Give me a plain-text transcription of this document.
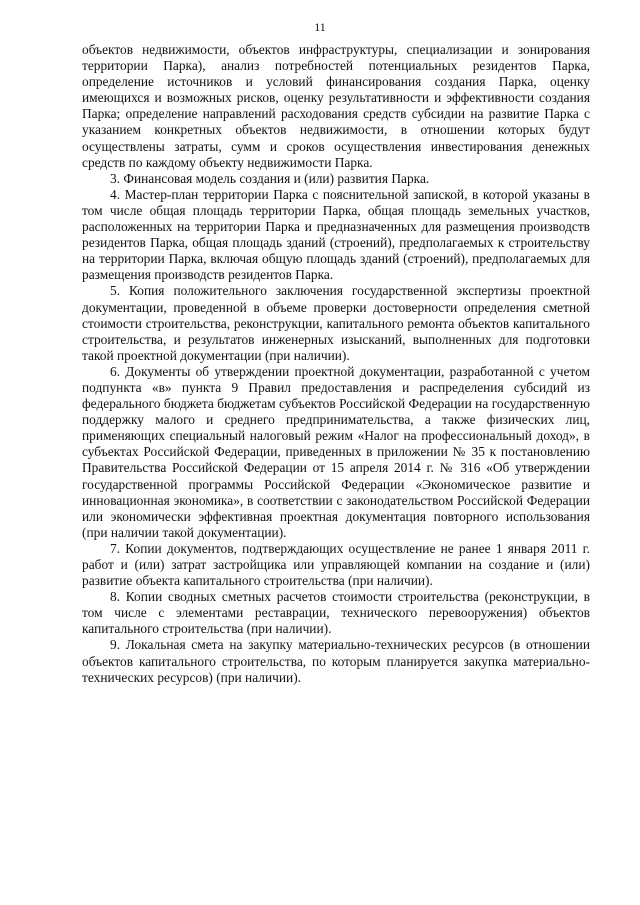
11

объектов недвижимости, объектов инфраструктуры, специализации и зонирования территории Парка), анализ потребностей потенциальных резидентов Парка, определение источников и условий финансирования создания Парка, оценку имеющихся и возможных рисков, оценку результативности и эффективности создания Парка; определение направлений расходования средств субсидии на развитие Парка с указанием конкретных объектов недвижимости, в отношении которых будут осуществлены затраты, сумм и сроков осуществления инвестирования денежных средств по каждому объекту недвижимости Парка.

3. Финансовая модель создания и (или) развития Парка.

4. Мастер-план территории Парка с пояснительной запиской, в которой указаны в том числе общая площадь территории Парка, общая площадь земельных участков, расположенных на территории Парка и предназначенных для размещения производств резидентов Парка, общая площадь зданий (строений), предполагаемых к строительству на территории Парка, включая общую площадь зданий (строений), предполагаемых для размещения производств резидентов Парка.

5. Копия положительного заключения государственной экспертизы проектной документации, проведенной в объеме проверки достоверности определения сметной стоимости строительства, реконструкции, капитального ремонта объектов капитального строительства, и результатов инженерных изысканий, выполненных для подготовки такой проектной документации (при наличии).

6. Документы об утверждении проектной документации, разработанной с учетом подпункта «в» пункта 9 Правил предоставления и распределения субсидий из федерального бюджета бюджетам субъектов Российской Федерации на государственную поддержку малого и среднего предпринимательства, а также физических лиц, применяющих специальный налоговый режим «Налог на профессиональный доход», в субъектах Российской Федерации, приведенных в приложении № 35 к постановлению Правительства Российской Федерации от 15 апреля 2014 г. № 316 «Об утверждении государственной программы Российской Федерации «Экономическое развитие и инновационная экономика», в соответствии с законодательством Российской Федерации или экономически эффективная проектная документация повторного использования (при наличии такой документации).

7. Копии документов, подтверждающих осуществление не ранее 1 января 2011 г. работ и (или) затрат застройщика или управляющей компании на создание и (или) развитие объекта капитального строительства (при наличии).

8. Копии сводных сметных расчетов стоимости строительства (реконструкции, в том числе с элементами реставрации, технического перевооружения) объектов капитального строительства (при наличии).

9. Локальная смета на закупку материально-технических ресурсов (в отношении объектов капитального строительства, по которым планируется закупка материально-технических ресурсов) (при наличии).
